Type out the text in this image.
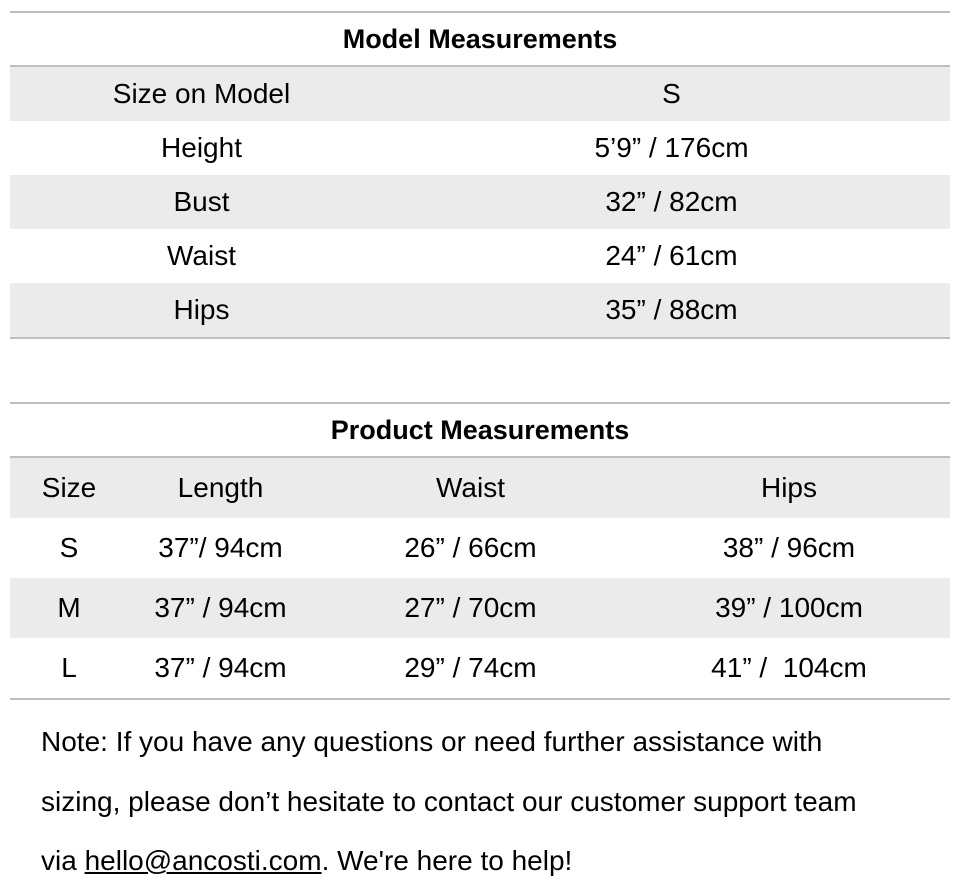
Model Measurements
Size on Model	S
Height	5’9” / 176cm
Bust	32” / 82cm
Waist	24” / 61cm
Hips	35” / 88cm
Product Measurements
Size	Length	Waist	Hips
S	37”/ 94cm	26” / 66cm	38” / 96cm
M	37” / 94cm	27” / 70cm	39” / 100cm
L	37” / 94cm	29” / 74cm	41” /  104cm
Note: If you have any questions or need further assistance with
sizing, please don’t hesitate to contact our customer support team
via hello@ancosti.com. We're here to help!
